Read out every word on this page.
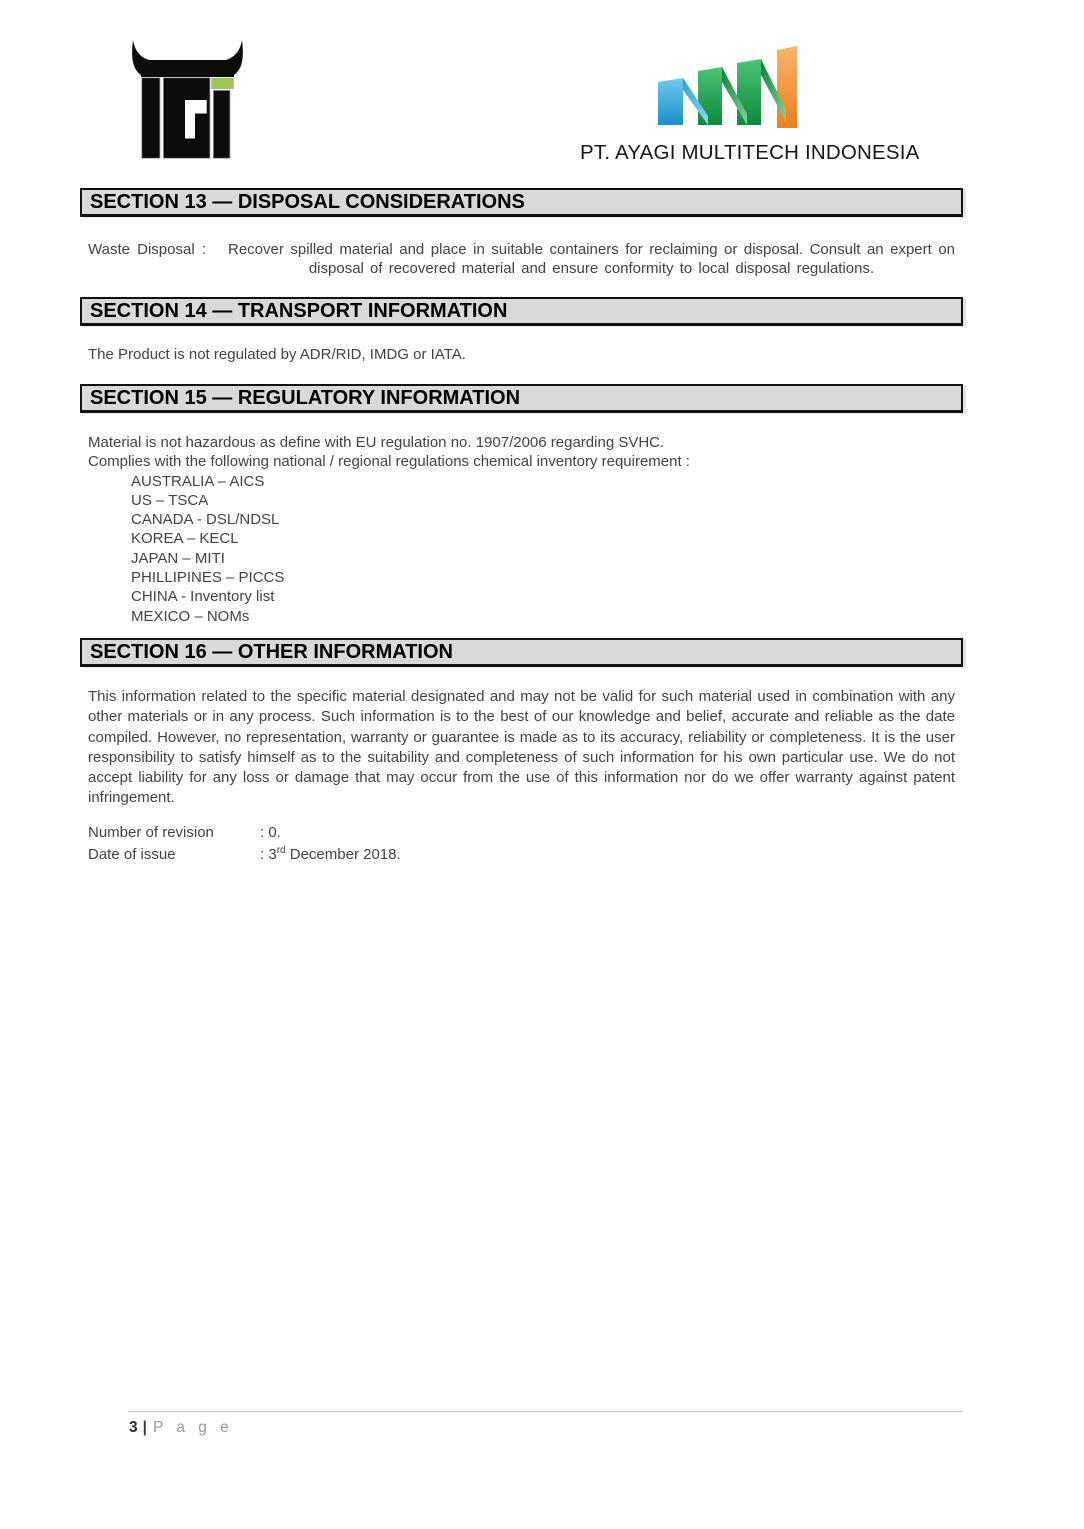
PT. AYAGI MULTITECH INDONESIA
SECTION 13 — DISPOSAL CONSIDERATIONS
Waste Disposal :	Recover spilled material and place in suitable containers for reclaiming or disposal. Consult an expert on disposal of recovered material and ensure conformity to local disposal regulations.
SECTION 14 — TRANSPORT INFORMATION

The Product is not regulated by ADR/RID, IMDG or IATA.

SECTION 15 — REGULATORY INFORMATION

Material is not hazardous as define with EU regulation no. 1907/2006 regarding SVHC.

Complies with the following national / regional regulations chemical inventory requirement :

AUSTRALIA – AICS
US – TSCA
CANADA - DSL/NDSL
KOREA – KECL
JAPAN – MITI
PHILLIPINES – PICCS
CHINA - Inventory list
MEXICO – NOMs
SECTION 16 — OTHER INFORMATION

This information related to the specific material designated and may not be valid for such material used in combination with any other materials or in any process. Such information is to the best of our knowledge and belief, accurate and reliable as the date compiled. However, no representation, warranty or guarantee is made as to its accuracy, reliability or completeness. It is the user responsibility to satisfy himself as to the suitability and completeness of such information for his own particular use. We do not accept liability for any loss or damage that may occur from the use of this information nor do we offer warranty against patent infringement.

Number of revision	: 0.
Date of issue	: 3rd December 2018.
3 | P a g e
